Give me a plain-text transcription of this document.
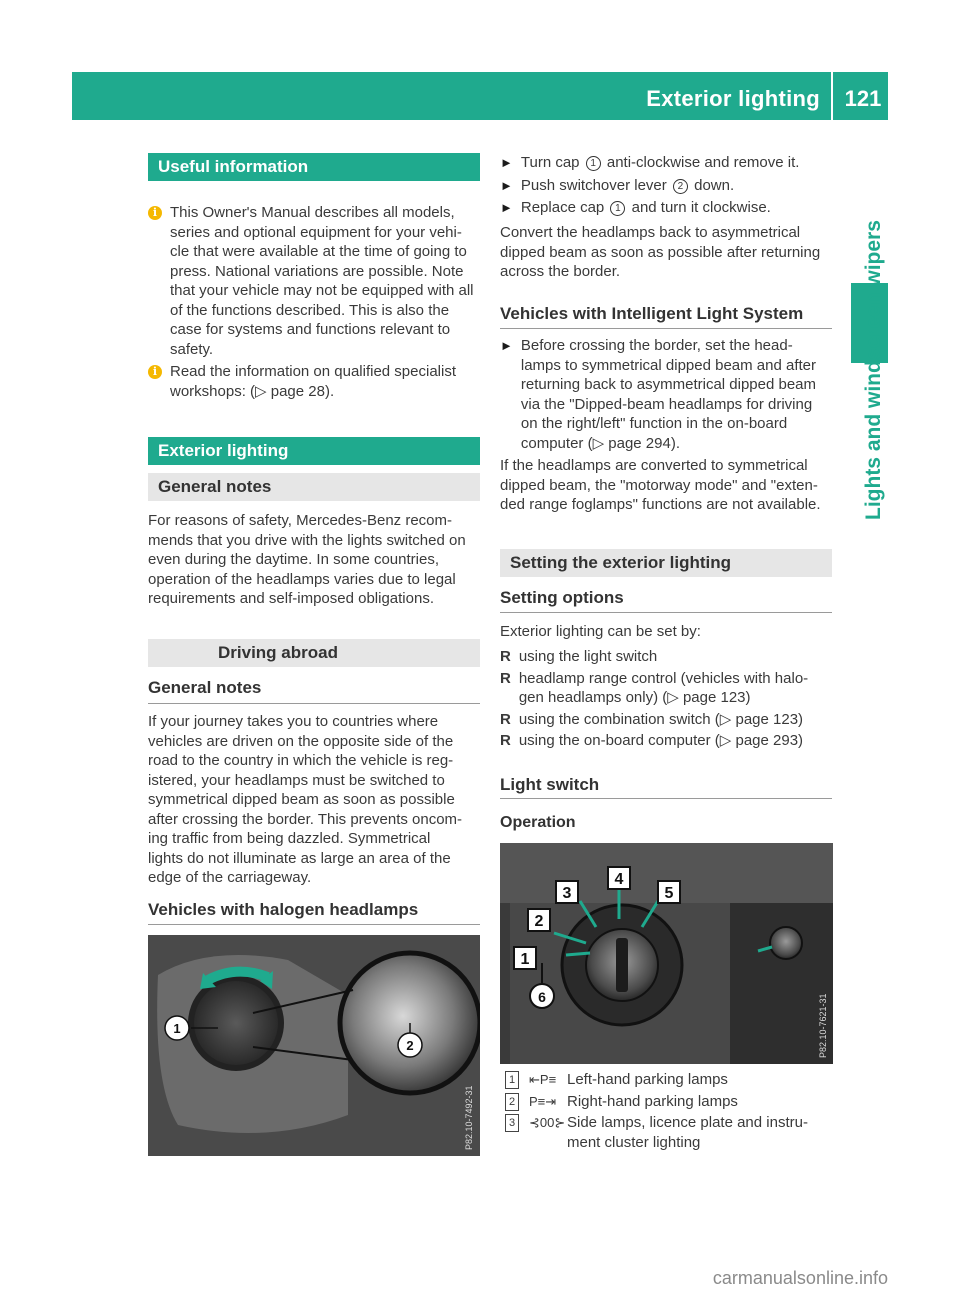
Exterior lighting	121
Lights and windscreen wipers
Useful information
i This Owner's Manual describes all models,
series and optional equipment for your vehi-
cle that were available at the time of going to
press. National variations are possible. Note
that your vehicle may not be equipped with all
of the functions described. This is also the
case for systems and functions relevant to
safety.
i Read the information on qualified specialist
workshops: (▷ page 28).
Exterior lighting
General notes
For reasons of safety, Mercedes-Benz recom-
mends that you drive with the lights switched on
even during the daytime. In some countries,
operation of the headlamps varies due to legal
requirements and self-imposed obligations.
Driving abroad
General notes
If your journey takes you to countries where
vehicles are driven on the opposite side of the
road to the country in which the vehicle is reg-
istered, your headlamps must be switched to
symmetrical dipped beam as soon as possible
after crossing the border. This prevents oncom-
ing traffic from being dazzled. Symmetrical
lights do not illuminate as large an area of the
edge of the carriageway.
Vehicles with halogen headlamps
1
2
P82.10-7492-31
► Turn cap 1 anti-clockwise and remove it.
► Push switchover lever 2 down.
► Replace cap 1 and turn it clockwise.
Convert the headlamps back to asymmetrical
dipped beam as soon as possible after returning
across the border.
Vehicles with Intelligent Light System
► Before crossing the border, set the head-
lamps to symmetrical dipped beam and after
returning back to asymmetrical dipped beam
via the "Dipped-beam headlamps for driving
on the right/left" function in the on-board
computer (▷ page 294).
If the headlamps are converted to symmetrical
dipped beam, the "motorway mode" and "exten-
ded range foglamps" functions are not available.
Setting the exterior lighting
Setting options
Exterior lighting can be set by:
R using the light switch
R headlamp range control (vehicles with halo-
gen headlamps only) (▷ page 123)
R using the combination switch (▷ page 123)
R using the on-board computer (▷ page 293)
Light switch
Operation
1
2
3
4
5
6	P82.10-7621-31
1	⇤P≡ Left-hand parking lamps
2	P≡⇥ Right-hand parking lamps
3	⊰00⊱ Side lamps, licence plate and instru-
ment cluster lighting
carmanualsonline.info
